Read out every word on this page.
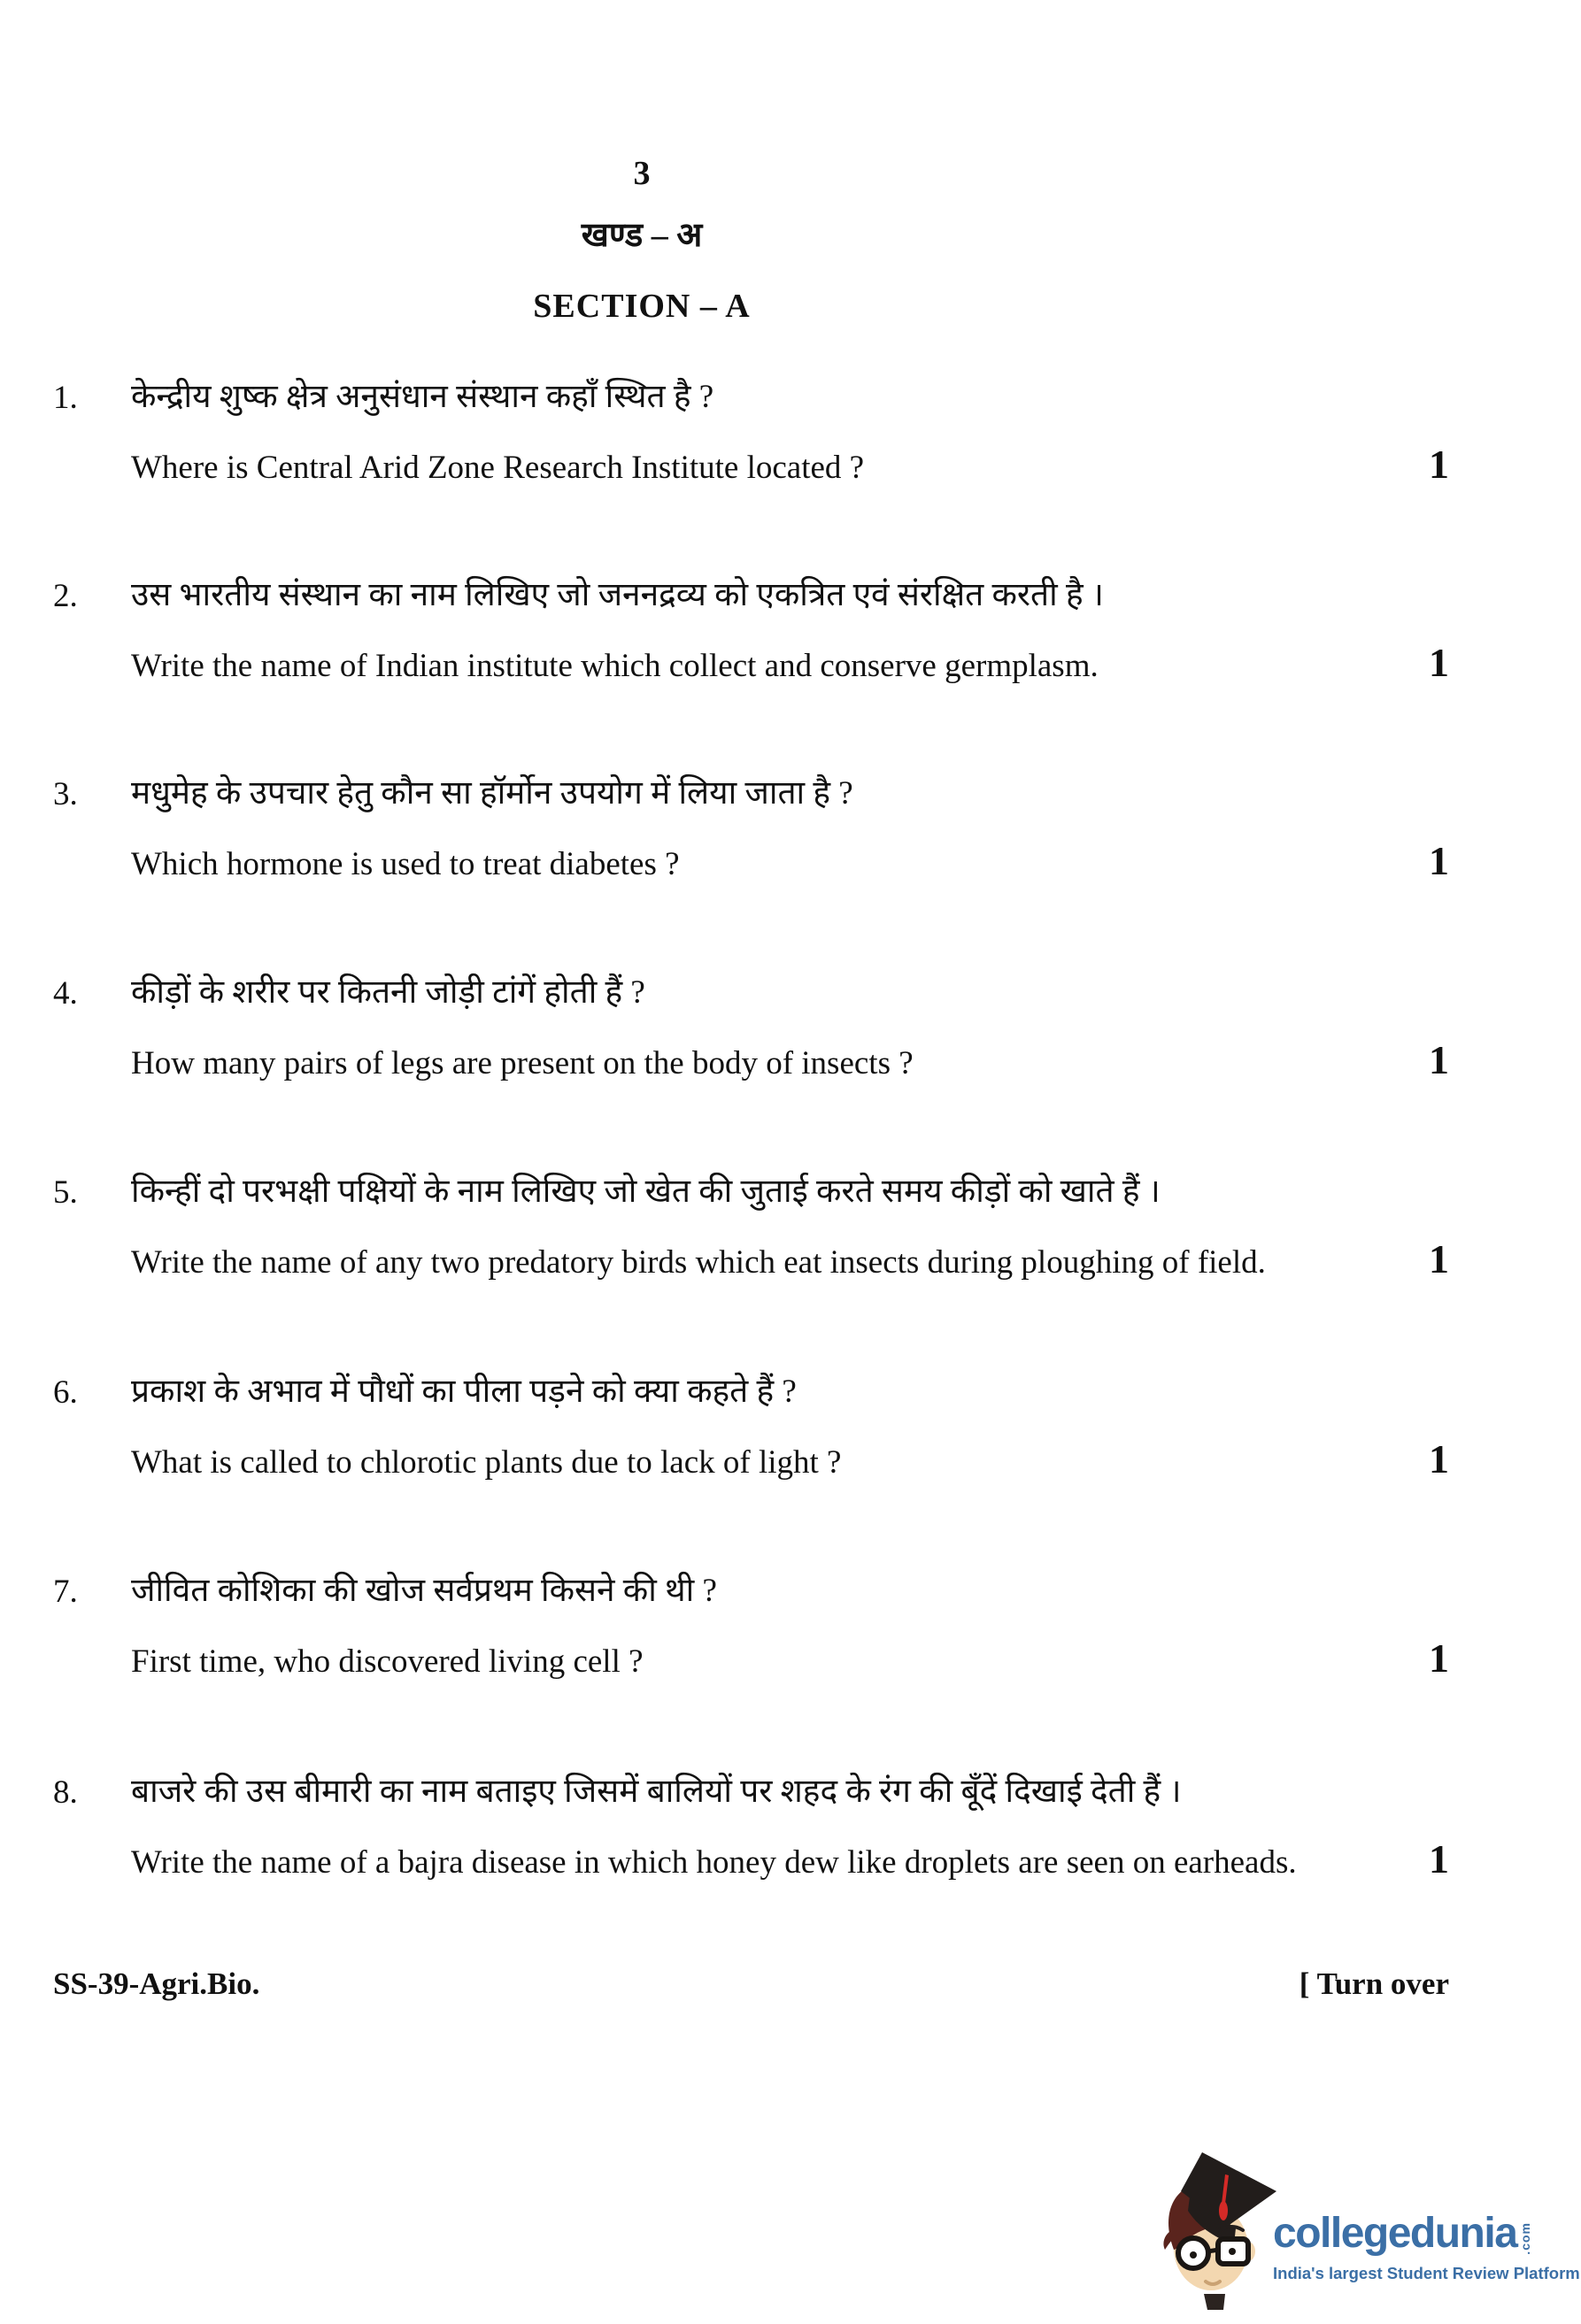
3
खण्ड – अ
SECTION – A
1. केन्द्रीय शुष्क क्षेत्र अनुसंधान संस्थान कहाँ स्थित है ?
Where is Central Arid Zone Research Institute located ?	1
2. उस भारतीय संस्थान का नाम लिखिए जो जननद्रव्य को एकत्रित एवं संरक्षित करती है ।
Write the name of Indian institute which collect and conserve germplasm.	1
3. मधुमेह के उपचार हेतु कौन सा हॉर्मोन उपयोग में लिया जाता है ?
Which hormone is used to treat diabetes ?	1
4. कीड़ों के शरीर पर कितनी जोड़ी टांगें होती हैं ?
How many pairs of legs are present on the body of insects ?	1
5. किन्हीं दो परभक्षी पक्षियों के नाम लिखिए जो खेत की जुताई करते समय कीड़ों को खाते हैं ।
Write the name of any two predatory birds which eat insects during ploughing of field.	1
6. प्रकाश के अभाव में पौधों का पीला पड़ने को क्या कहते हैं ?
What is called to chlorotic plants due to lack of light ?	1
7. जीवित कोशिका की खोज सर्वप्रथम किसने की थी ?
First time, who discovered living cell ?	1
8. बाजरे की उस बीमारी का नाम बताइए जिसमें बालियों पर शहद के रंग की बूँदें दिखाई देती हैं ।
Write the name of a bajra disease in which honey dew like droplets are seen on earheads.	1
SS-39-Agri.Bio.	[ Turn over
collegedunia .com
India's largest Student Review Platform
